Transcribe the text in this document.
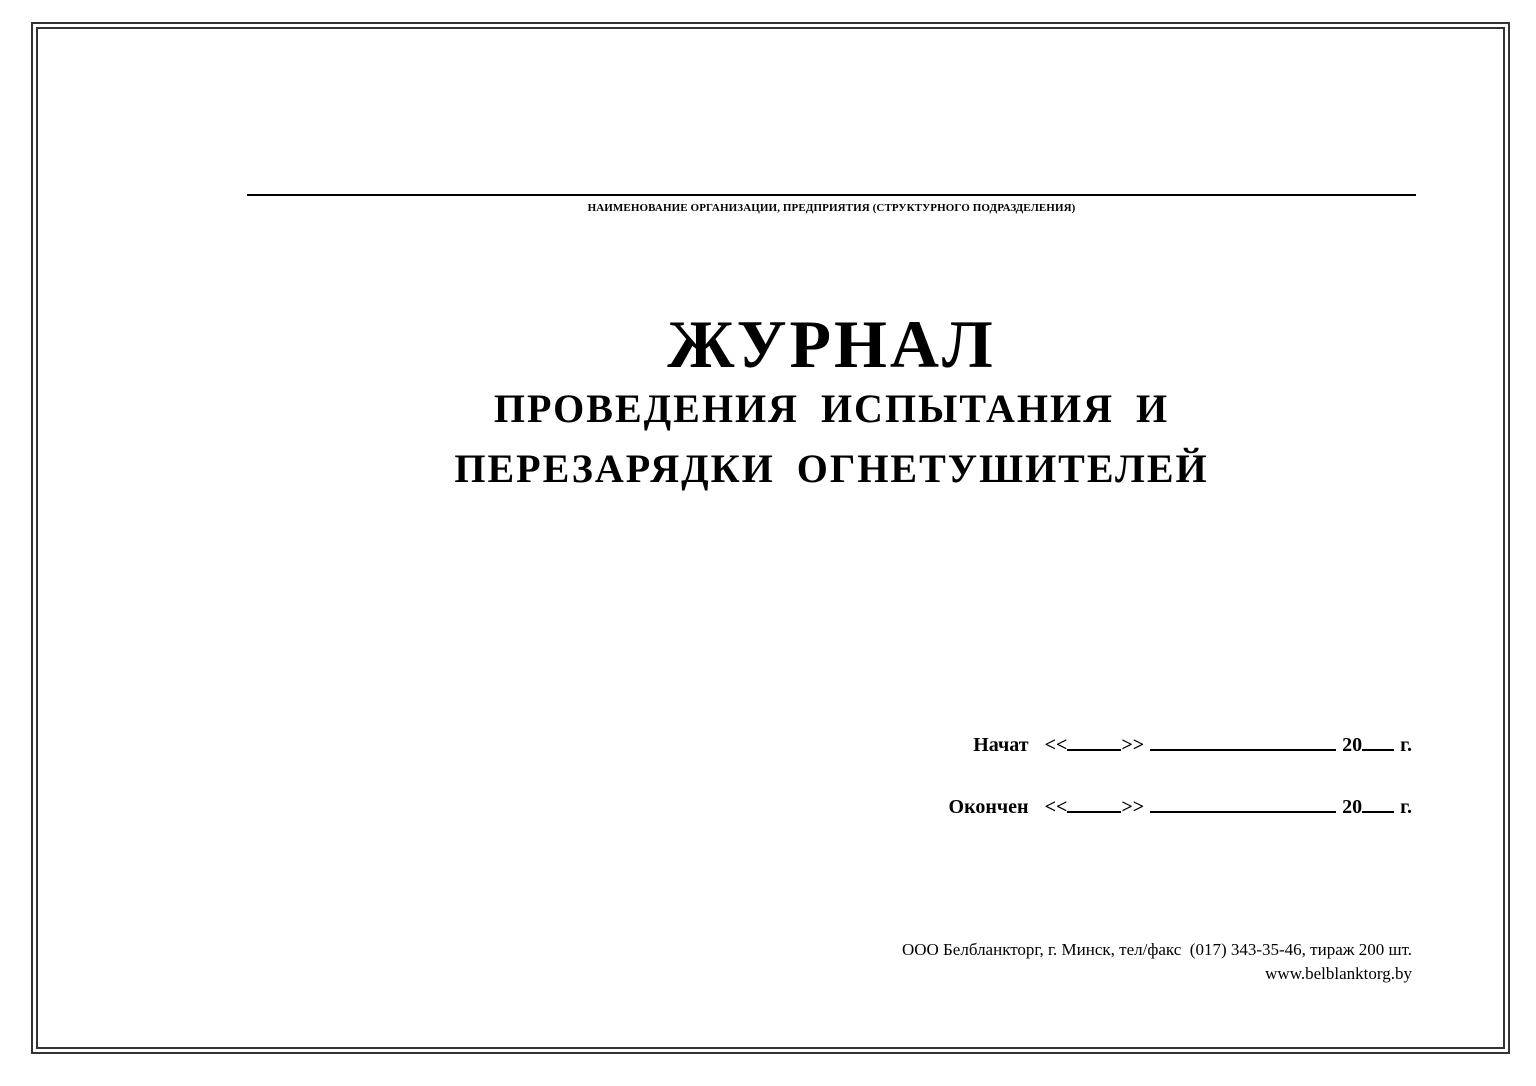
НАИМЕНОВАНИЕ ОРГАНИЗАЦИИ, ПРЕДПРИЯТИЯ (СТРУКТУРНОГО ПОДРАЗДЕЛЕНИЯ)
ЖУРНАЛ
ПРОВЕДЕНИЯ ИСПЫТАНИЯ И
ПЕРЕЗАРЯДКИ ОГНЕТУШИТЕЛЕЙ
Начат <<	>>	20 г.
Окончен <<	>>	20 г.
ООО Белбланкторг, г. Минск, тел/факс  (017) 343-35-46, тираж 200 шт.
www.belblanktorg.by
